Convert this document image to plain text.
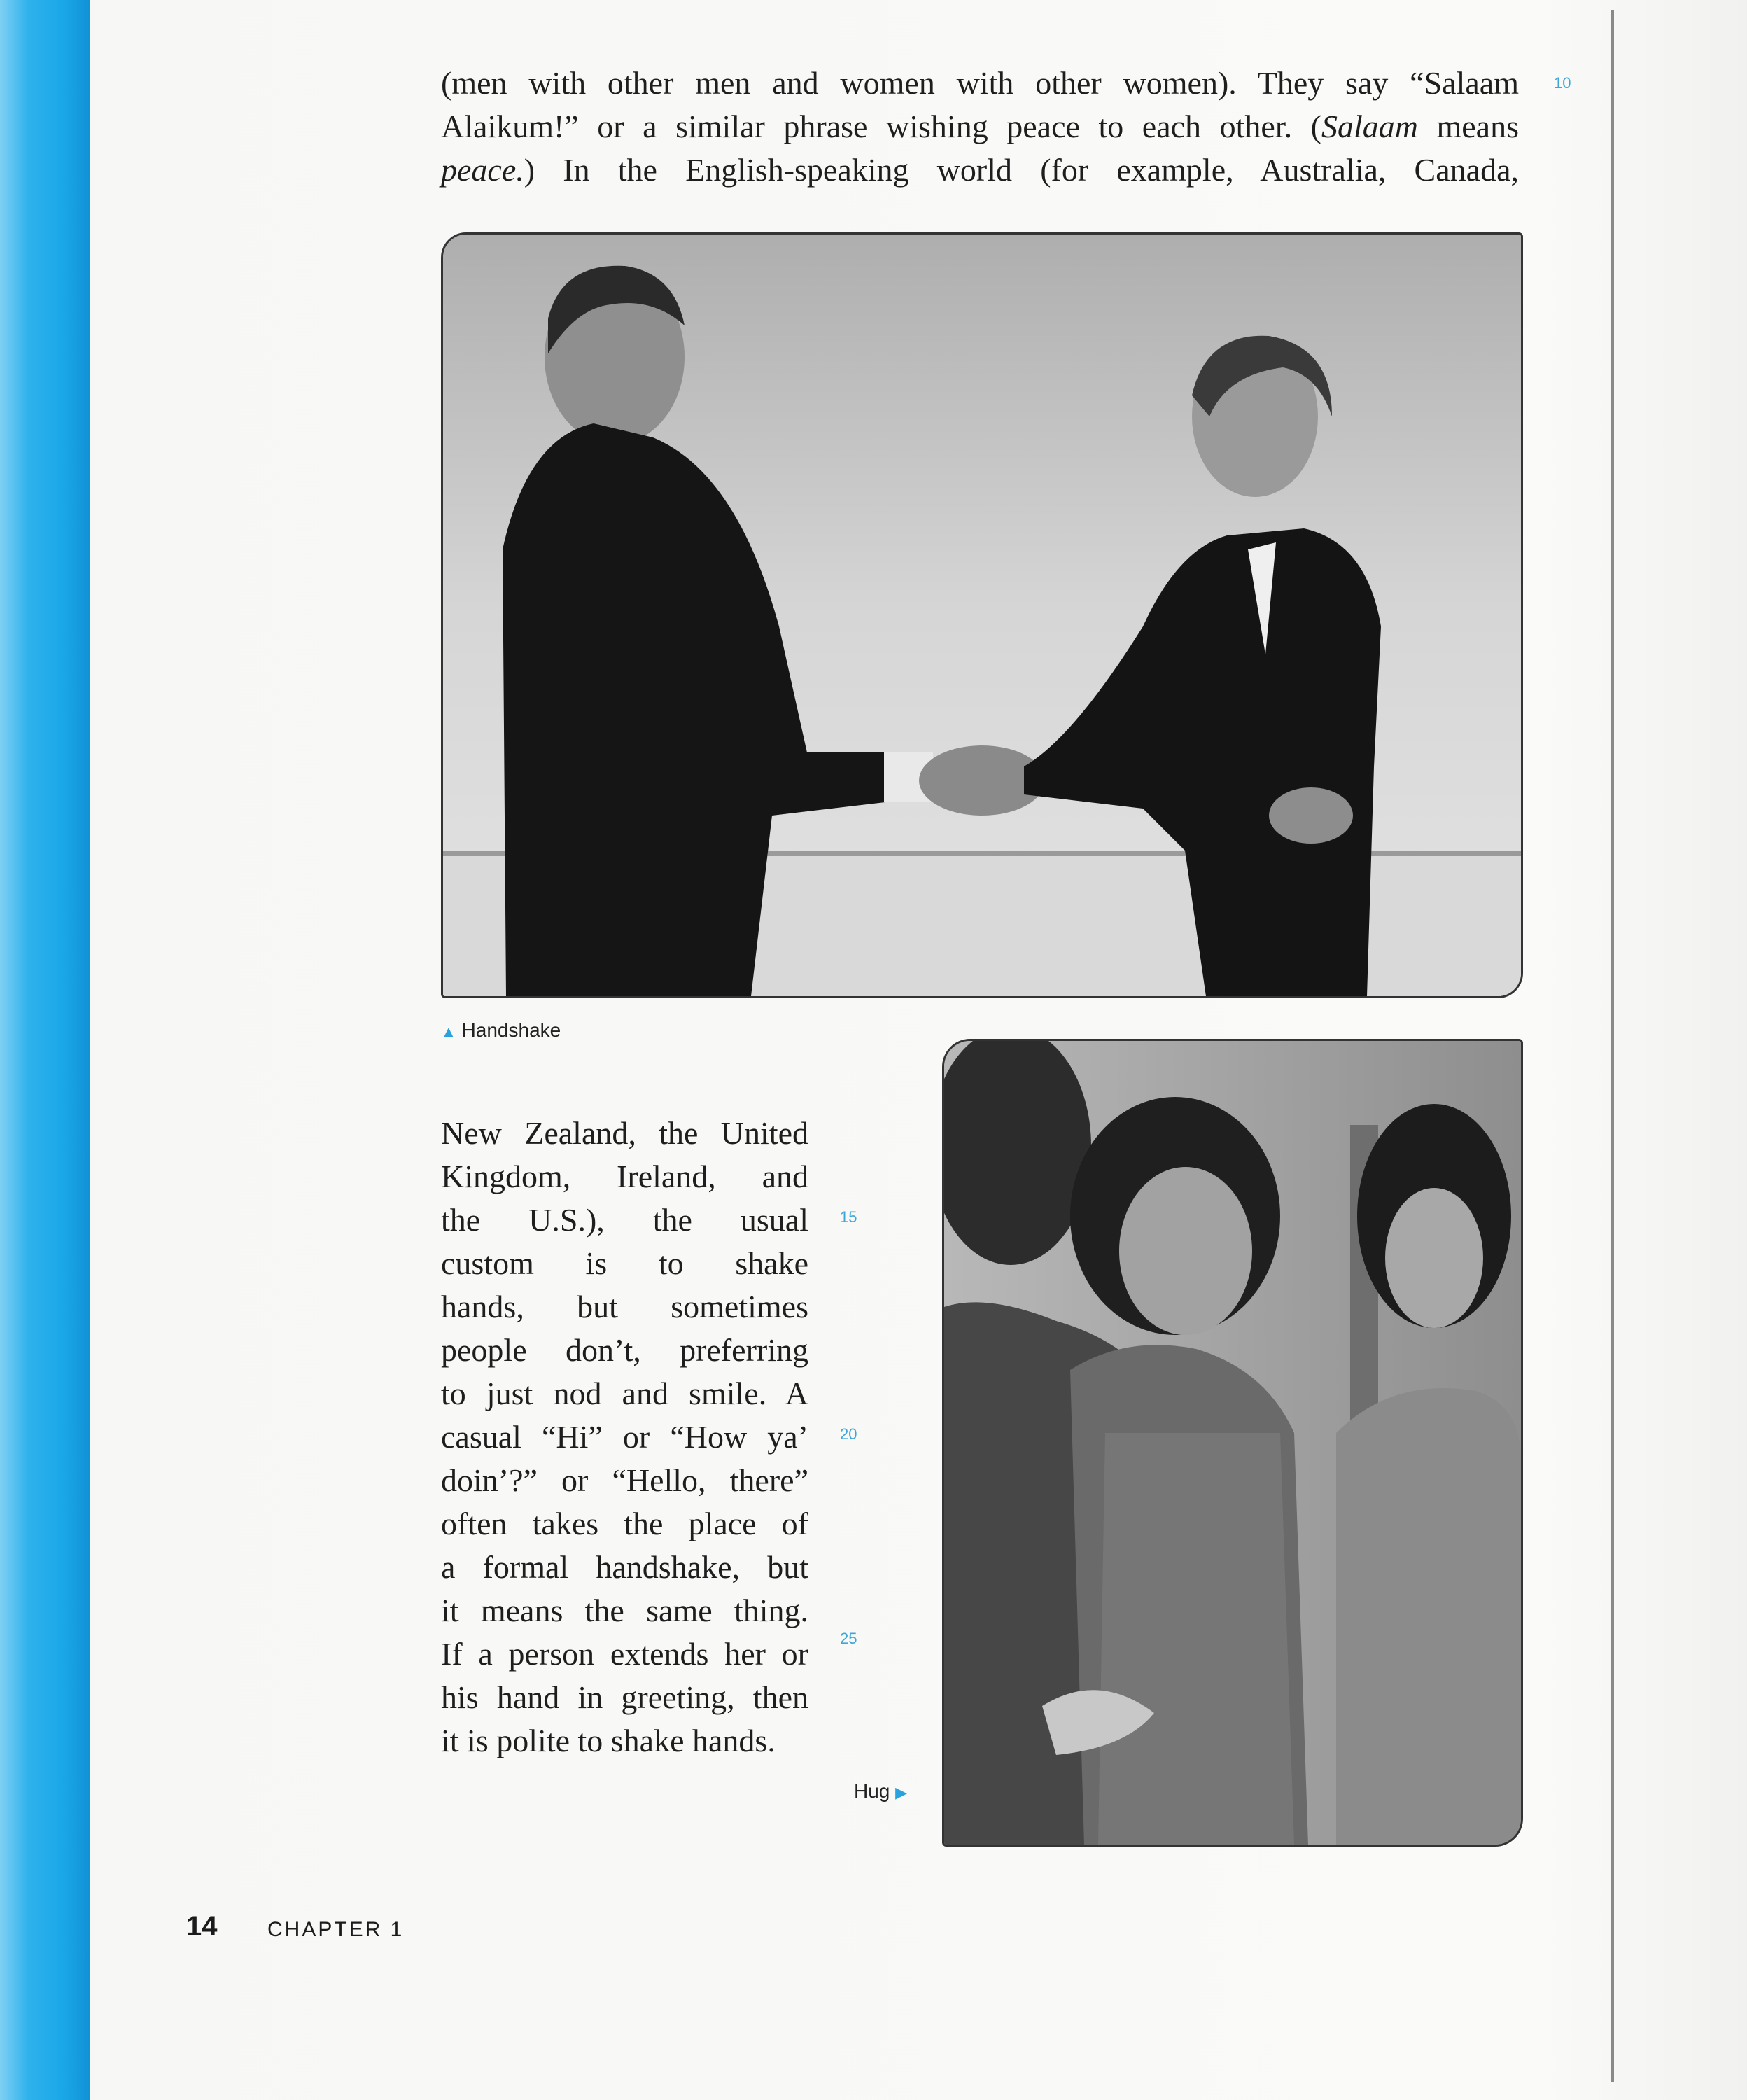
(men with other men and women with other women). They say “Salaam
Alaikum!” or a similar phrase wishing peace to each other. (Salaam means
peace.) In the English-speaking world (for example, Australia, Canada,
10
▲ Handshake
New Zealand, the United
Kingdom, Ireland, and
the U.S.), the usual
custom is to shake
hands, but sometimes
people don’t, preferring
to just nod and smile. A
casual “Hi” or “How ya’
doin’?” or “Hello, there”
often takes the place of
a formal handshake, but
it means the same thing.
If a person extends her or
his hand in greeting, then
it is polite to shake hands.
15
20
25
Hug ▶
14 CHAPTER 1
